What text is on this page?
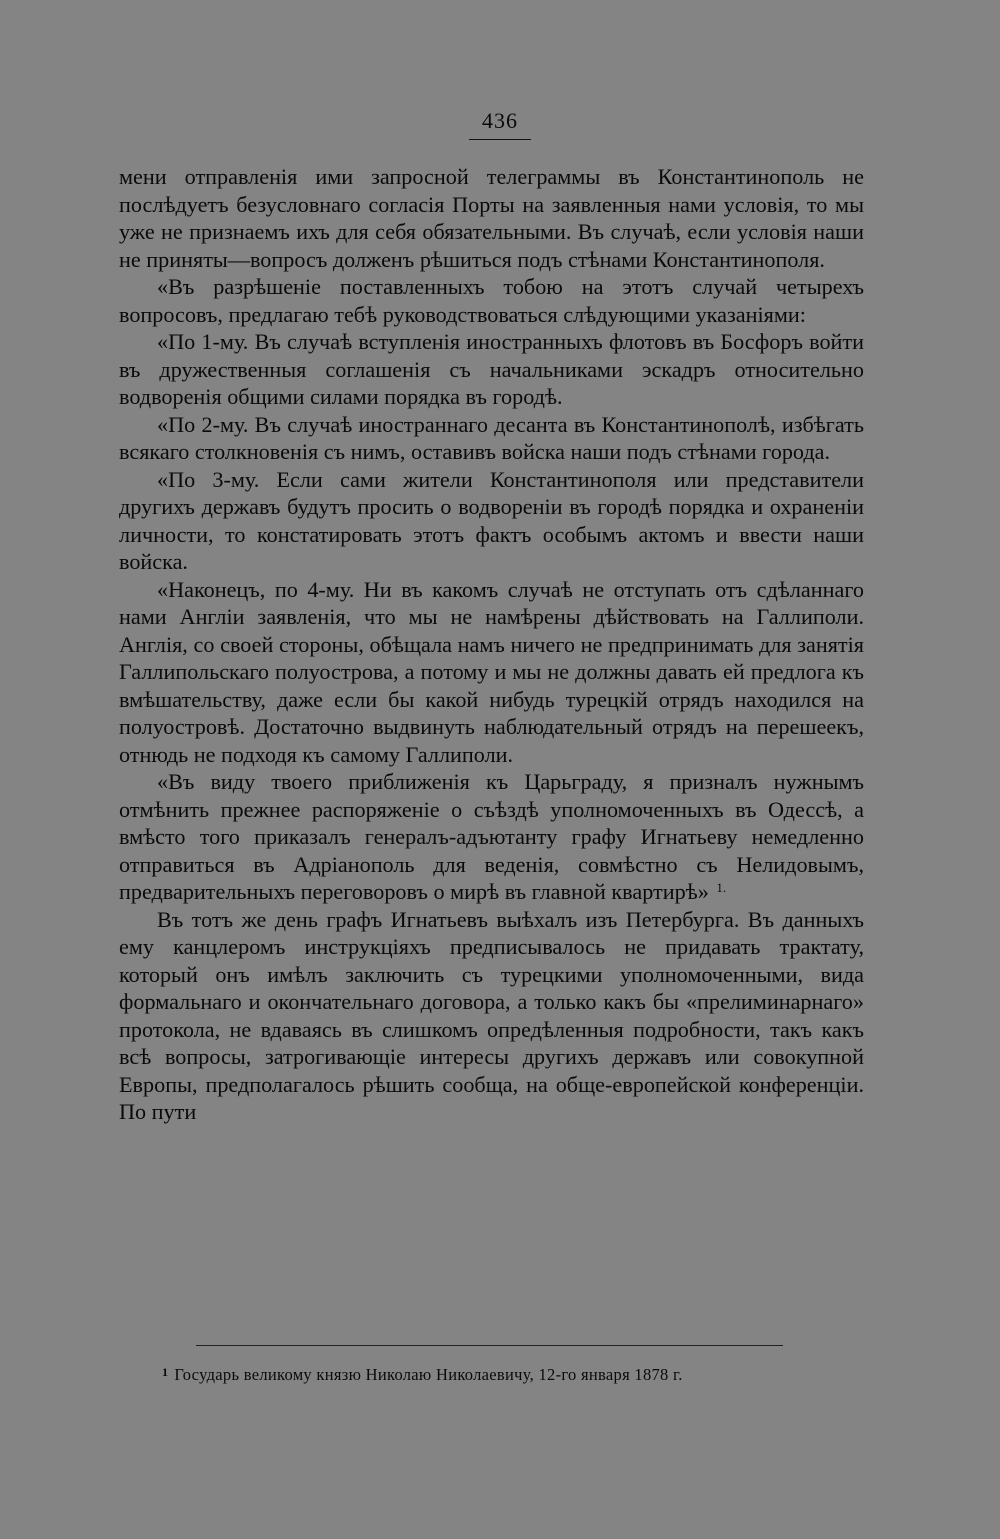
436

мени отправленія ими запросной телеграммы въ Константинополь не послѣдуетъ безусловнаго согласія Порты на заявленныя нами условія, то мы уже не признаемъ ихъ для себя обязательными. Въ случаѣ, если условія наши не приняты—вопросъ долженъ рѣшиться подъ стѣнами Константинополя.

«Въ разрѣшеніе поставленныхъ тобою на этотъ случай четырехъ вопросовъ, предлагаю тебѣ руководствоваться слѣдующими указаніями:

«По 1-му. Въ случаѣ вступленія иностранныхъ флотовъ въ Босфоръ войти въ дружественныя соглашенія съ начальниками эскадръ относительно водворенія общими силами порядка въ городѣ.

«По 2-му. Въ случаѣ иностраннаго десанта въ Константинополѣ, избѣгать всякаго столкновенія съ нимъ, оставивъ войска наши подъ стѣнами города.

«По 3-му. Если сами жители Константинополя или представители другихъ державъ будутъ просить о водвореніи въ городѣ порядка и охраненіи личности, то констатировать этотъ фактъ особымъ актомъ и ввести наши войска.

«Наконецъ, по 4-му. Ни въ какомъ случаѣ не отступать отъ сдѣланнаго нами Англіи заявленія, что мы не намѣрены дѣйствовать на Галлиполи. Англія, со своей стороны, обѣщала намъ ничего не предпринимать для занятія Галлипольскаго полуострова, а потому и мы не должны давать ей предлога къ вмѣшательству, даже если бы какой нибудь турецкій отрядъ находился на полуостровѣ. Достаточно выдвинуть наблюдательный отрядъ на перешеекъ, отнюдь не подходя къ самому Галлиполи.

«Въ виду твоего приближенія къ Царьграду, я призналъ нужнымъ отмѣнить прежнее распоряженіе о съѣздѣ уполномоченныхъ въ Одессѣ, а вмѣсто того приказалъ генералъ-адъютанту графу Игнатьеву немедленно отправиться въ Адріанополь для веденія, совмѣстно съ Нелидовымъ, предварительныхъ переговоровъ о мирѣ въ главной квартирѣ» $^{1.}$

Въ тотъ же день графъ Игнатьевъ выѣхалъ изъ Петербурга. Въ данныхъ ему канцлеромъ инструкціяхъ предписывалось не придавать трактату, который онъ имѣлъ заключить съ турецкими уполномоченными, вида формальнаго и окончательнаго договора, а только какъ бы «прелиминарнаго» протокола, не вдаваясь въ слишкомъ опредѣленныя подробности, такъ какъ всѣ вопросы, затрогивающіе интересы другихъ державъ или совокупной Европы, предполагалось рѣшить сообща, на обще-европейской конференціи. По пути

$^1$ Государь великому князю Николаю Николаевичу, 12-го января 1878 г.
